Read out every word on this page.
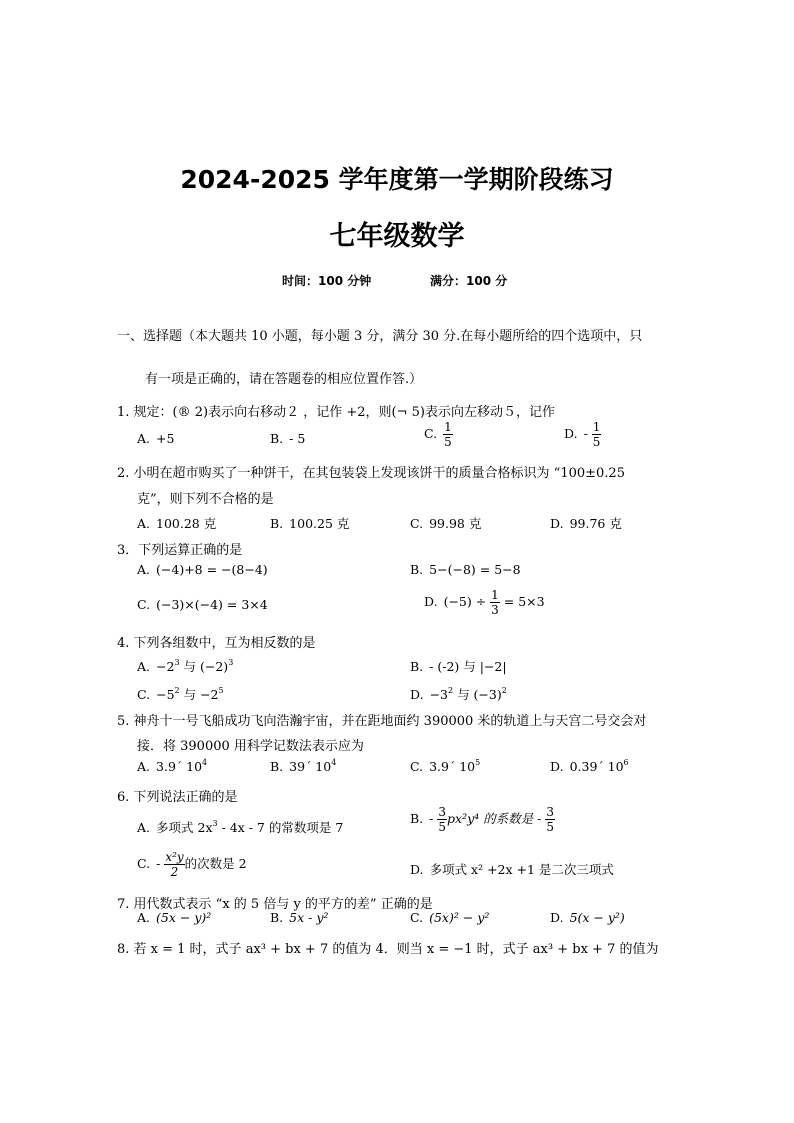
2024-2025 学年度第一学期阶段练习
七年级数学
时间：100 分钟	满分：100 分
一、选择题（本大题共 10 小题，每小题 3 分，满分 30 分.在每小题所给的四个选项中，只
有一项是正确的，请在答题卷的相应位置作答.）
1. 规定：(® 2)表示向右移动２ ，记作 +2，则(¬ 5)表示向左移动５，记作
A. +5	B. - 5	C. $\frac{1}{5}$	D. - $\frac{1}{5}$
2. 小明在超市购买了一种饼干，在其包装袋上发现该饼干的质量合格标识为 “100±0.25
克”，则下列不合格的是
A. 100.28 克	B. 100.25 克	C. 99.98 克	D. 99.76 克
3．下列运算正确的是
A. (−4)+8 = −(8−4)	B. 5−(−8) = 5−8
C. (−3)×(−4) = 3×4	D. $(-5) \div \frac{1}{3} = 5\times 3$
4. 下列各组数中，互为相反数的是
A. $-2^3$ 与 $(-2)^3$	B. - (-2) 与 |−2|
C. $-5^2$ 与 $-2^5$	D. $-3^2$ 与 $(-3)^2$
5. 神舟十一号飞船成功飞向浩瀚宇宙，并在距地面约 390000 米的轨道上与天宫二号交会对
接．将 390000 用科学记数法表示应为
A. 3.9´ $10^4$	B. 39´ $10^4$	C. 3.9´ $10^5$	D. 0.39´ $10^6$
6. 下列说法正确的是
A. 多项式 $2x^3 - 4x - 7$ 的常数项是 7
B. - $\frac{3}{5} px^2y^4$ 的系数是 - $\frac{3}{5}$
C. - $\frac{\text{x²y}}{2}$ 的次数是 2	D. 多项式 x² +2x +1 是二次三项式
7. 用代数式表示 “x 的 5 倍与 y 的平方的差” 正确的是
A. (5x − y)²	B. 5x - y²	C. (5x)² − y²	D. 5(x − y²)
8. 若 x = 1 时，式子 ax³ + bx + 7 的值为 4．则当 x = −1 时，式子 ax³ + bx + 7 的值为
